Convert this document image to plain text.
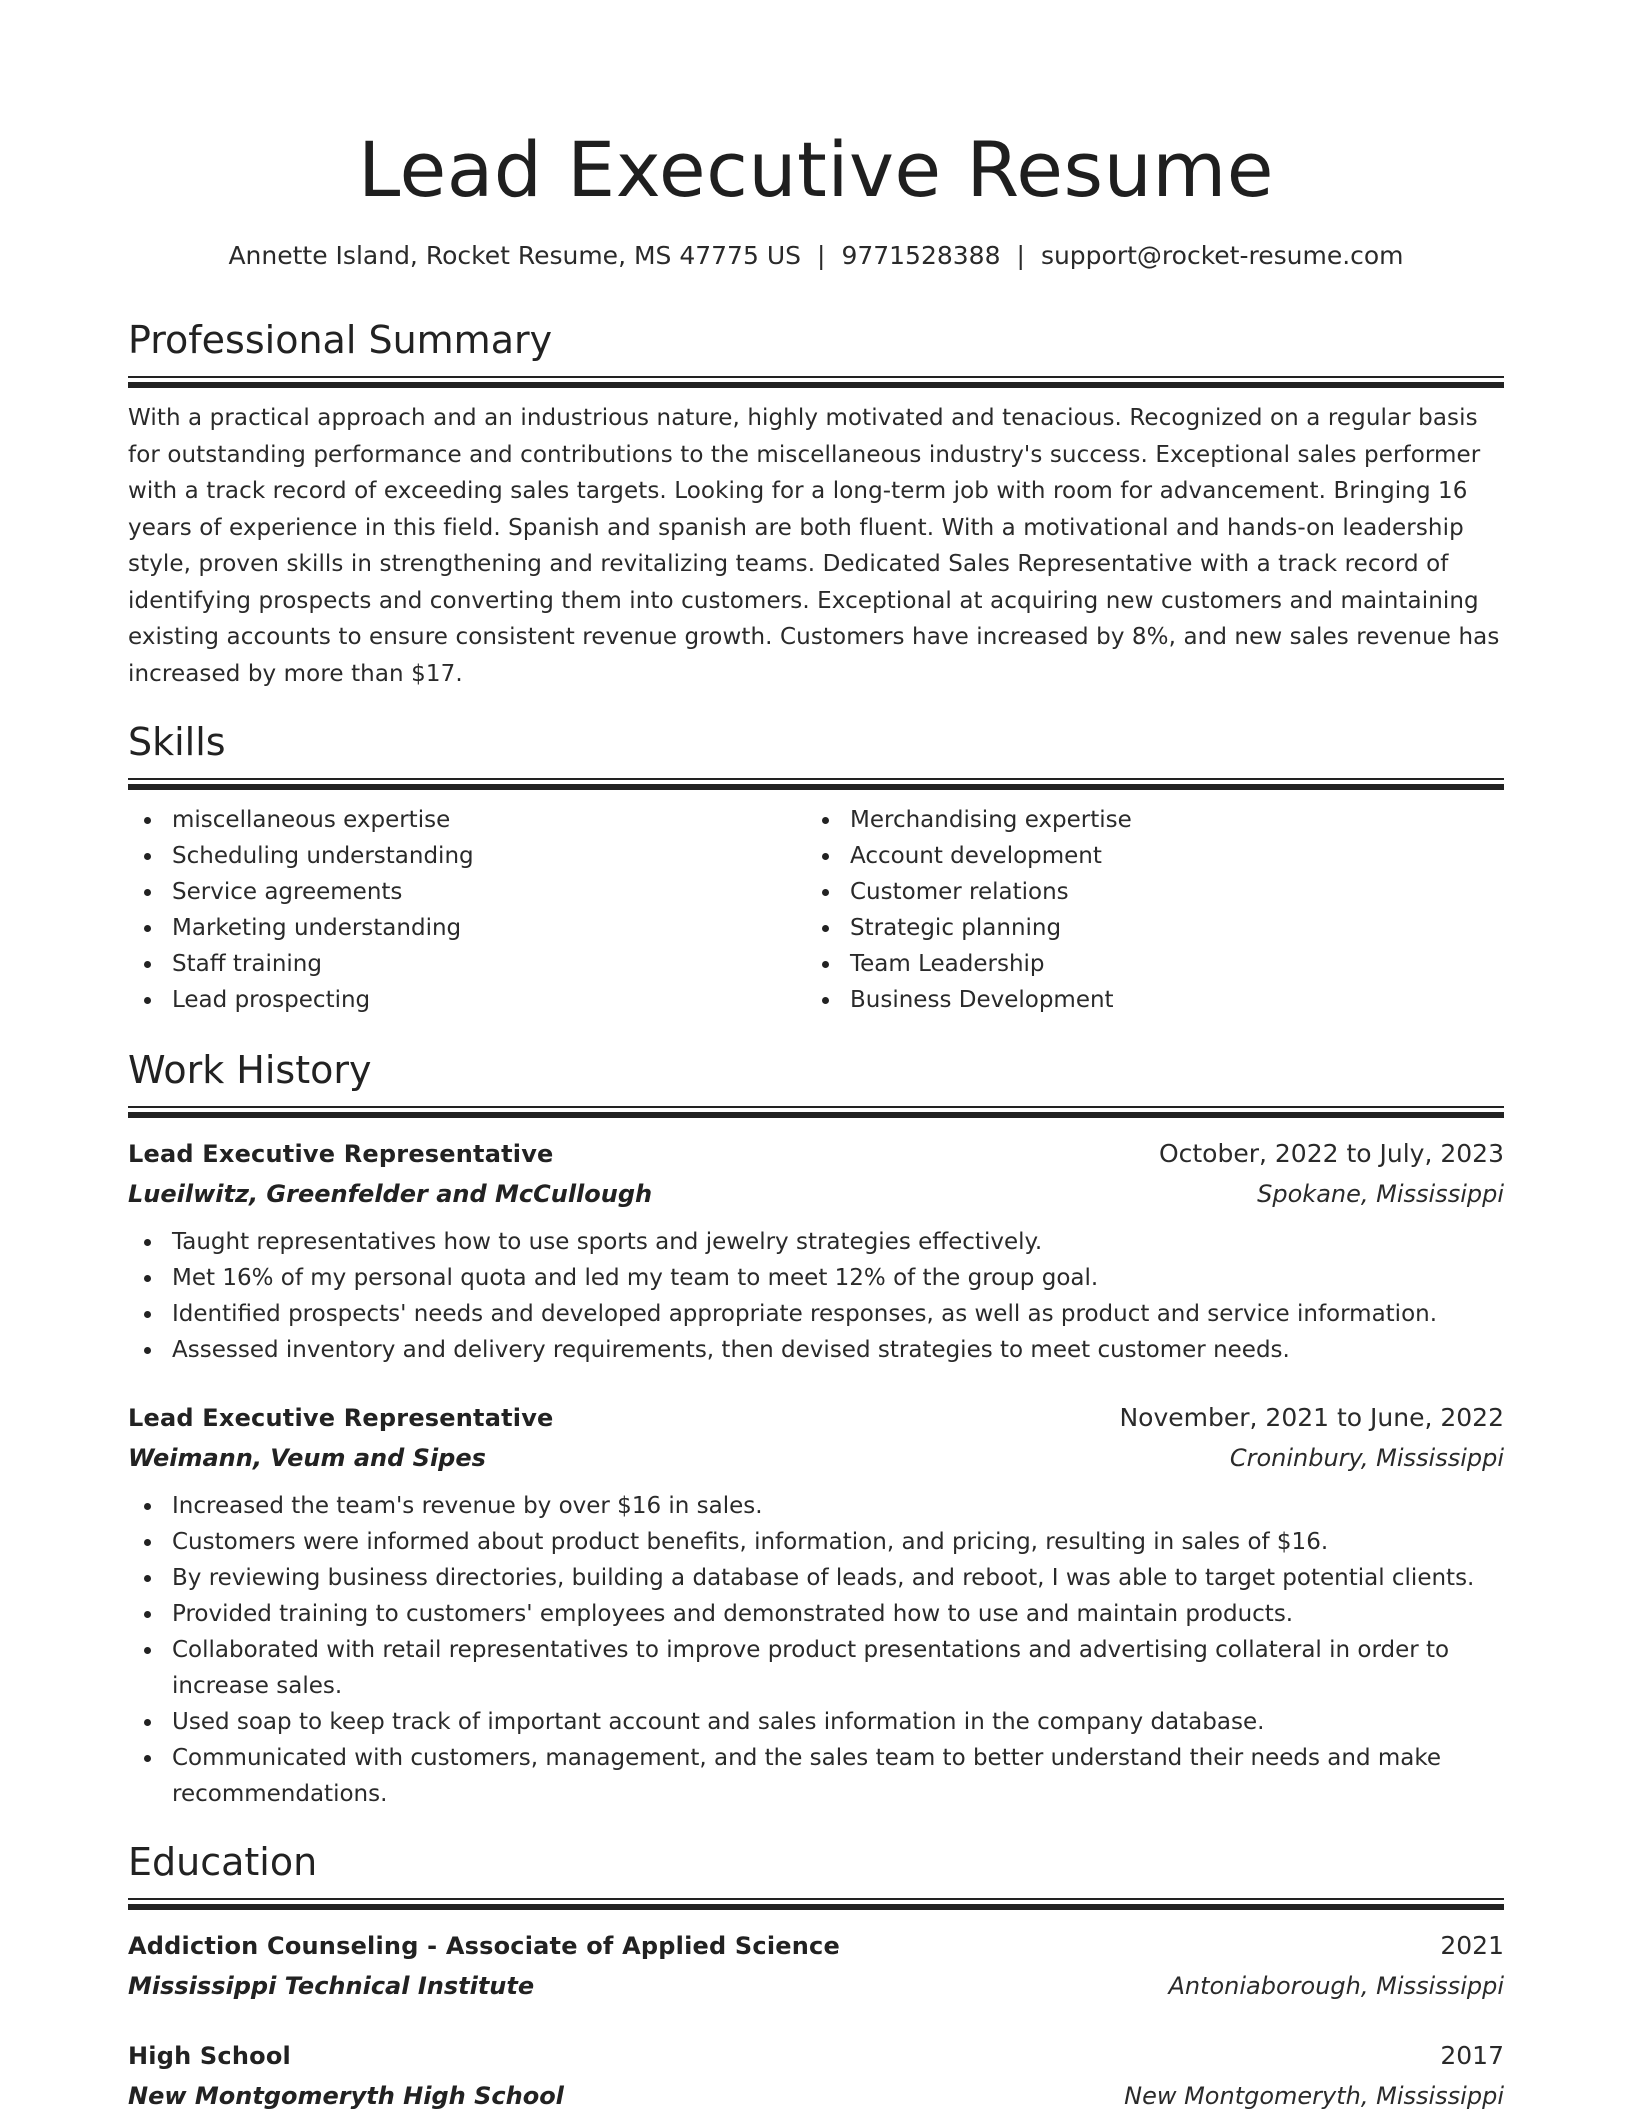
Lead Executive Resume
Annette Island, Rocket Resume, MS 47775 US | 9771528388 | support@rocket-resume.com
Professional Summary
With a practical approach and an industrious nature, highly motivated and tenacious. Recognized on a regular basis for outstanding performance and contributions to the miscellaneous industry's success. Exceptional sales performer with a track record of exceeding sales targets. Looking for a long-term job with room for advancement. Bringing 16 years of experience in this field. Spanish and spanish are both fluent. With a motivational and hands-on leadership style, proven skills in strengthening and revitalizing teams. Dedicated Sales Representative with a track record of identifying prospects and converting them into customers. Exceptional at acquiring new customers and maintaining existing accounts to ensure consistent revenue growth. Customers have increased by 8%, and new sales revenue has increased by more than $17.
Skills
miscellaneous expertise
Scheduling understanding
Service agreements
Marketing understanding
Staff training
Lead prospecting
Merchandising expertise
Account development
Customer relations
Strategic planning
Team Leadership
Business Development
Work History
Lead Executive Representative	October, 2022 to July, 2023
Lueilwitz, Greenfelder and McCullough	Spokane, Mississippi
Taught representatives how to use sports and jewelry strategies effectively.
Met 16% of my personal quota and led my team to meet 12% of the group goal.
Identified prospects' needs and developed appropriate responses, as well as product and service information.
Assessed inventory and delivery requirements, then devised strategies to meet customer needs.
Lead Executive Representative	November, 2021 to June, 2022
Weimann, Veum and Sipes	Croninbury, Mississippi
Increased the team's revenue by over $16 in sales.
Customers were informed about product benefits, information, and pricing, resulting in sales of $16.
By reviewing business directories, building a database of leads, and reboot, I was able to target potential clients.
Provided training to customers' employees and demonstrated how to use and maintain products.
Collaborated with retail representatives to improve product presentations and advertising collateral in order to increase sales.
Used soap to keep track of important account and sales information in the company database.
Communicated with customers, management, and the sales team to better understand their needs and make recommendations.
Education
Addiction Counseling - Associate of Applied Science	2021
Mississippi Technical Institute	Antoniaborough, Mississippi
High School	2017
New Montgomeryth High School	New Montgomeryth, Mississippi
